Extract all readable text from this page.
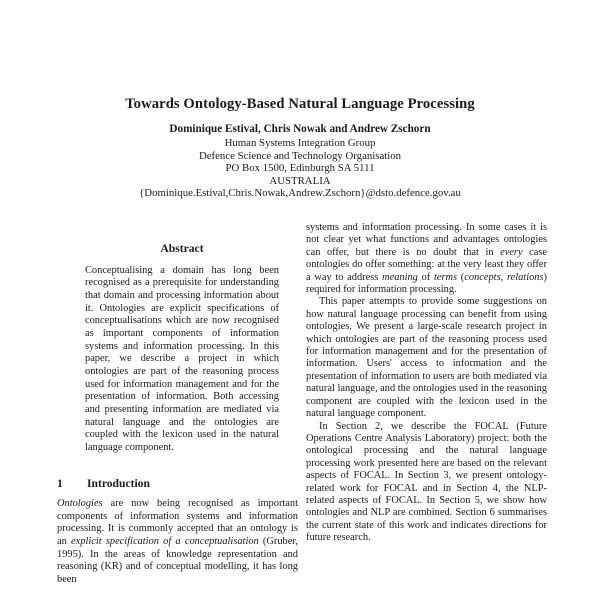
Towards Ontology-Based Natural Language Processing
Dominique Estival, Chris Nowak and Andrew Zschorn
Human Systems Integration Group
Defence Science and Technology Organisation
PO Box 1500, Edinburgh SA 5111
AUSTRALIA
{Dominique.Estival,Chris.Nowak,Andrew.Zschorn}@dsto.defence.gov.au
Abstract

Conceptualising a domain has long been recognised as a prerequisite for understanding that domain and processing information about it. Ontologies are explicit specifications of conceptualisations which are now recognised as important components of information systems and information processing. In this paper, we describe a project in which ontologies are part of the reasoning process used for information management and for the presentation of information. Both accessing and presenting information are mediated via natural language and the ontologies are coupled with the lexicon used in the natural language component.

1 Introduction

Ontologies are now being recognised as important components of information systems and information processing. It is commonly accepted that an ontology is an explicit specification of a conceptualisation (Gruber, 1995). In the areas of knowledge representation and reasoning (KR) and of conceptual modelling, it has long been

systems and information processing. In some cases it is not clear yet what functions and advantages ontologies can offer, but there is no doubt that in every case ontologies do offer something: at the very least they offer a way to address meaning of terms (concepts, relations) required for information processing.

This paper attempts to provide some suggestions on how natural language processing can benefit from using ontologies. We present a large-scale research project in which ontologies are part of the reasoning process used for information management and for the presentation of information. Users' access to information and the presentation of information to users are both mediated via natural language, and the ontologies used in the reasoning component are coupled with the lexicon used in the natural language component.

In Section 2, we describe the FOCAL (Future Operations Centre Analysis Laboratory) project: both the ontological processing and the natural language processing work presented here are based on the relevant aspects of FOCAL. In Section 3, we present ontology-related work for FOCAL and in Section 4, the NLP-related aspects of FOCAL. In Section 5, we show how ontologies and NLP are combined. Section 6 summarises the current state of this work and indicates directions for future research.
